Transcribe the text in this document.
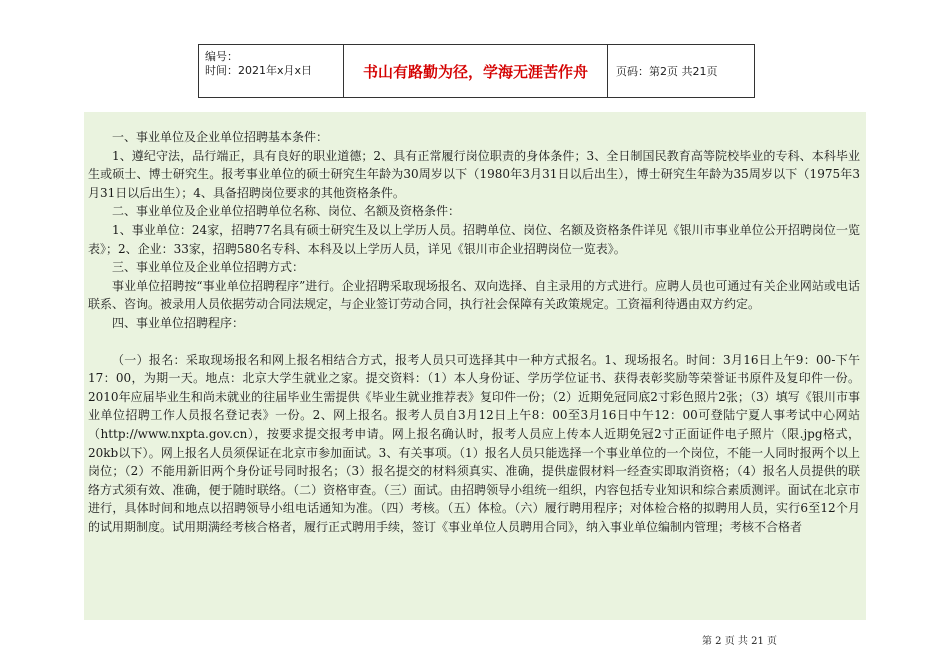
编号：
时间：2021年x月x日	书山有路勤为径，学海无涯苦作舟	页码：第2页 共21页

一、事业单位及企业单位招聘基本条件：

1、遵纪守法，品行端正，具有良好的职业道德；2、具有正常履行岗位职责的身体条件；3、全日制国民教育高等院校毕业的专科、本科毕业生或硕士、博士研究生。报考事业单位的硕士研究生年龄为30周岁以下（1980年3月31日以后出生），博士研究生年龄为35周岁以下（1975年3月31日以后出生）；4、具备招聘岗位要求的其他资格条件。

二、事业单位及企业单位招聘单位名称、岗位、名额及资格条件：

1、事业单位：24家，招聘77名具有硕士研究生及以上学历人员。招聘单位、岗位、名额及资格条件详见《银川市事业单位公开招聘岗位一览表》；2、企业：33家，招聘580名专科、本科及以上学历人员，详见《银川市企业招聘岗位一览表》。

三、事业单位及企业单位招聘方式：

事业单位招聘按“事业单位招聘程序”进行。企业招聘采取现场报名、双向选择、自主录用的方式进行。应聘人员也可通过有关企业网站或电话联系、咨询。被录用人员依据劳动合同法规定，与企业签订劳动合同，执行社会保障有关政策规定。工资福利待遇由双方约定。

四、事业单位招聘程序：

（一）报名：采取现场报名和网上报名相结合方式，报考人员只可选择其中一种方式报名。1、现场报名。时间：3月16日上午9：00-下午17：00，为期一天。地点：北京大学生就业之家。提交资料：（1）本人身份证、学历学位证书、获得表彰奖励等荣誉证书原件及复印件一份。2010年应届毕业生和尚未就业的往届毕业生需提供《毕业生就业推荐表》复印件一份；（2）近期免冠同底2寸彩色照片2张；（3）填写《银川市事业单位招聘工作人员报名登记表》一份。2、网上报名。报考人员自3月12日上午8：00至3月16日中午12：00可登陆宁夏人事考试中心网站（http://www.nxpta.gov.cn），按要求提交报考申请。网上报名确认时，报考人员应上传本人近期免冠2寸正面证件电子照片（限.jpg格式，20kb以下）。网上报名人员须保证在北京市参加面试。3、有关事项。（1）报名人员只能选择一个事业单位的一个岗位，不能一人同时报两个以上岗位；（2）不能用新旧两个身份证号同时报名；（3）报名提交的材料须真实、准确，提供虚假材料一经查实即取消资格；（4）报名人员提供的联络方式须有效、准确，便于随时联络。（二）资格审查。（三）面试。由招聘领导小组统一组织，内容包括专业知识和综合素质测评。面试在北京市进行，具体时间和地点以招聘领导小组电话通知为准。（四）考核。（五）体检。（六）履行聘用程序；对体检合格的拟聘用人员，实行6至12个月的试用期制度。试用期满经考核合格者，履行正式聘用手续，签订《事业单位人员聘用合同》，纳入事业单位编制内管理；考核不合格者

第 2 页 共 21 页
